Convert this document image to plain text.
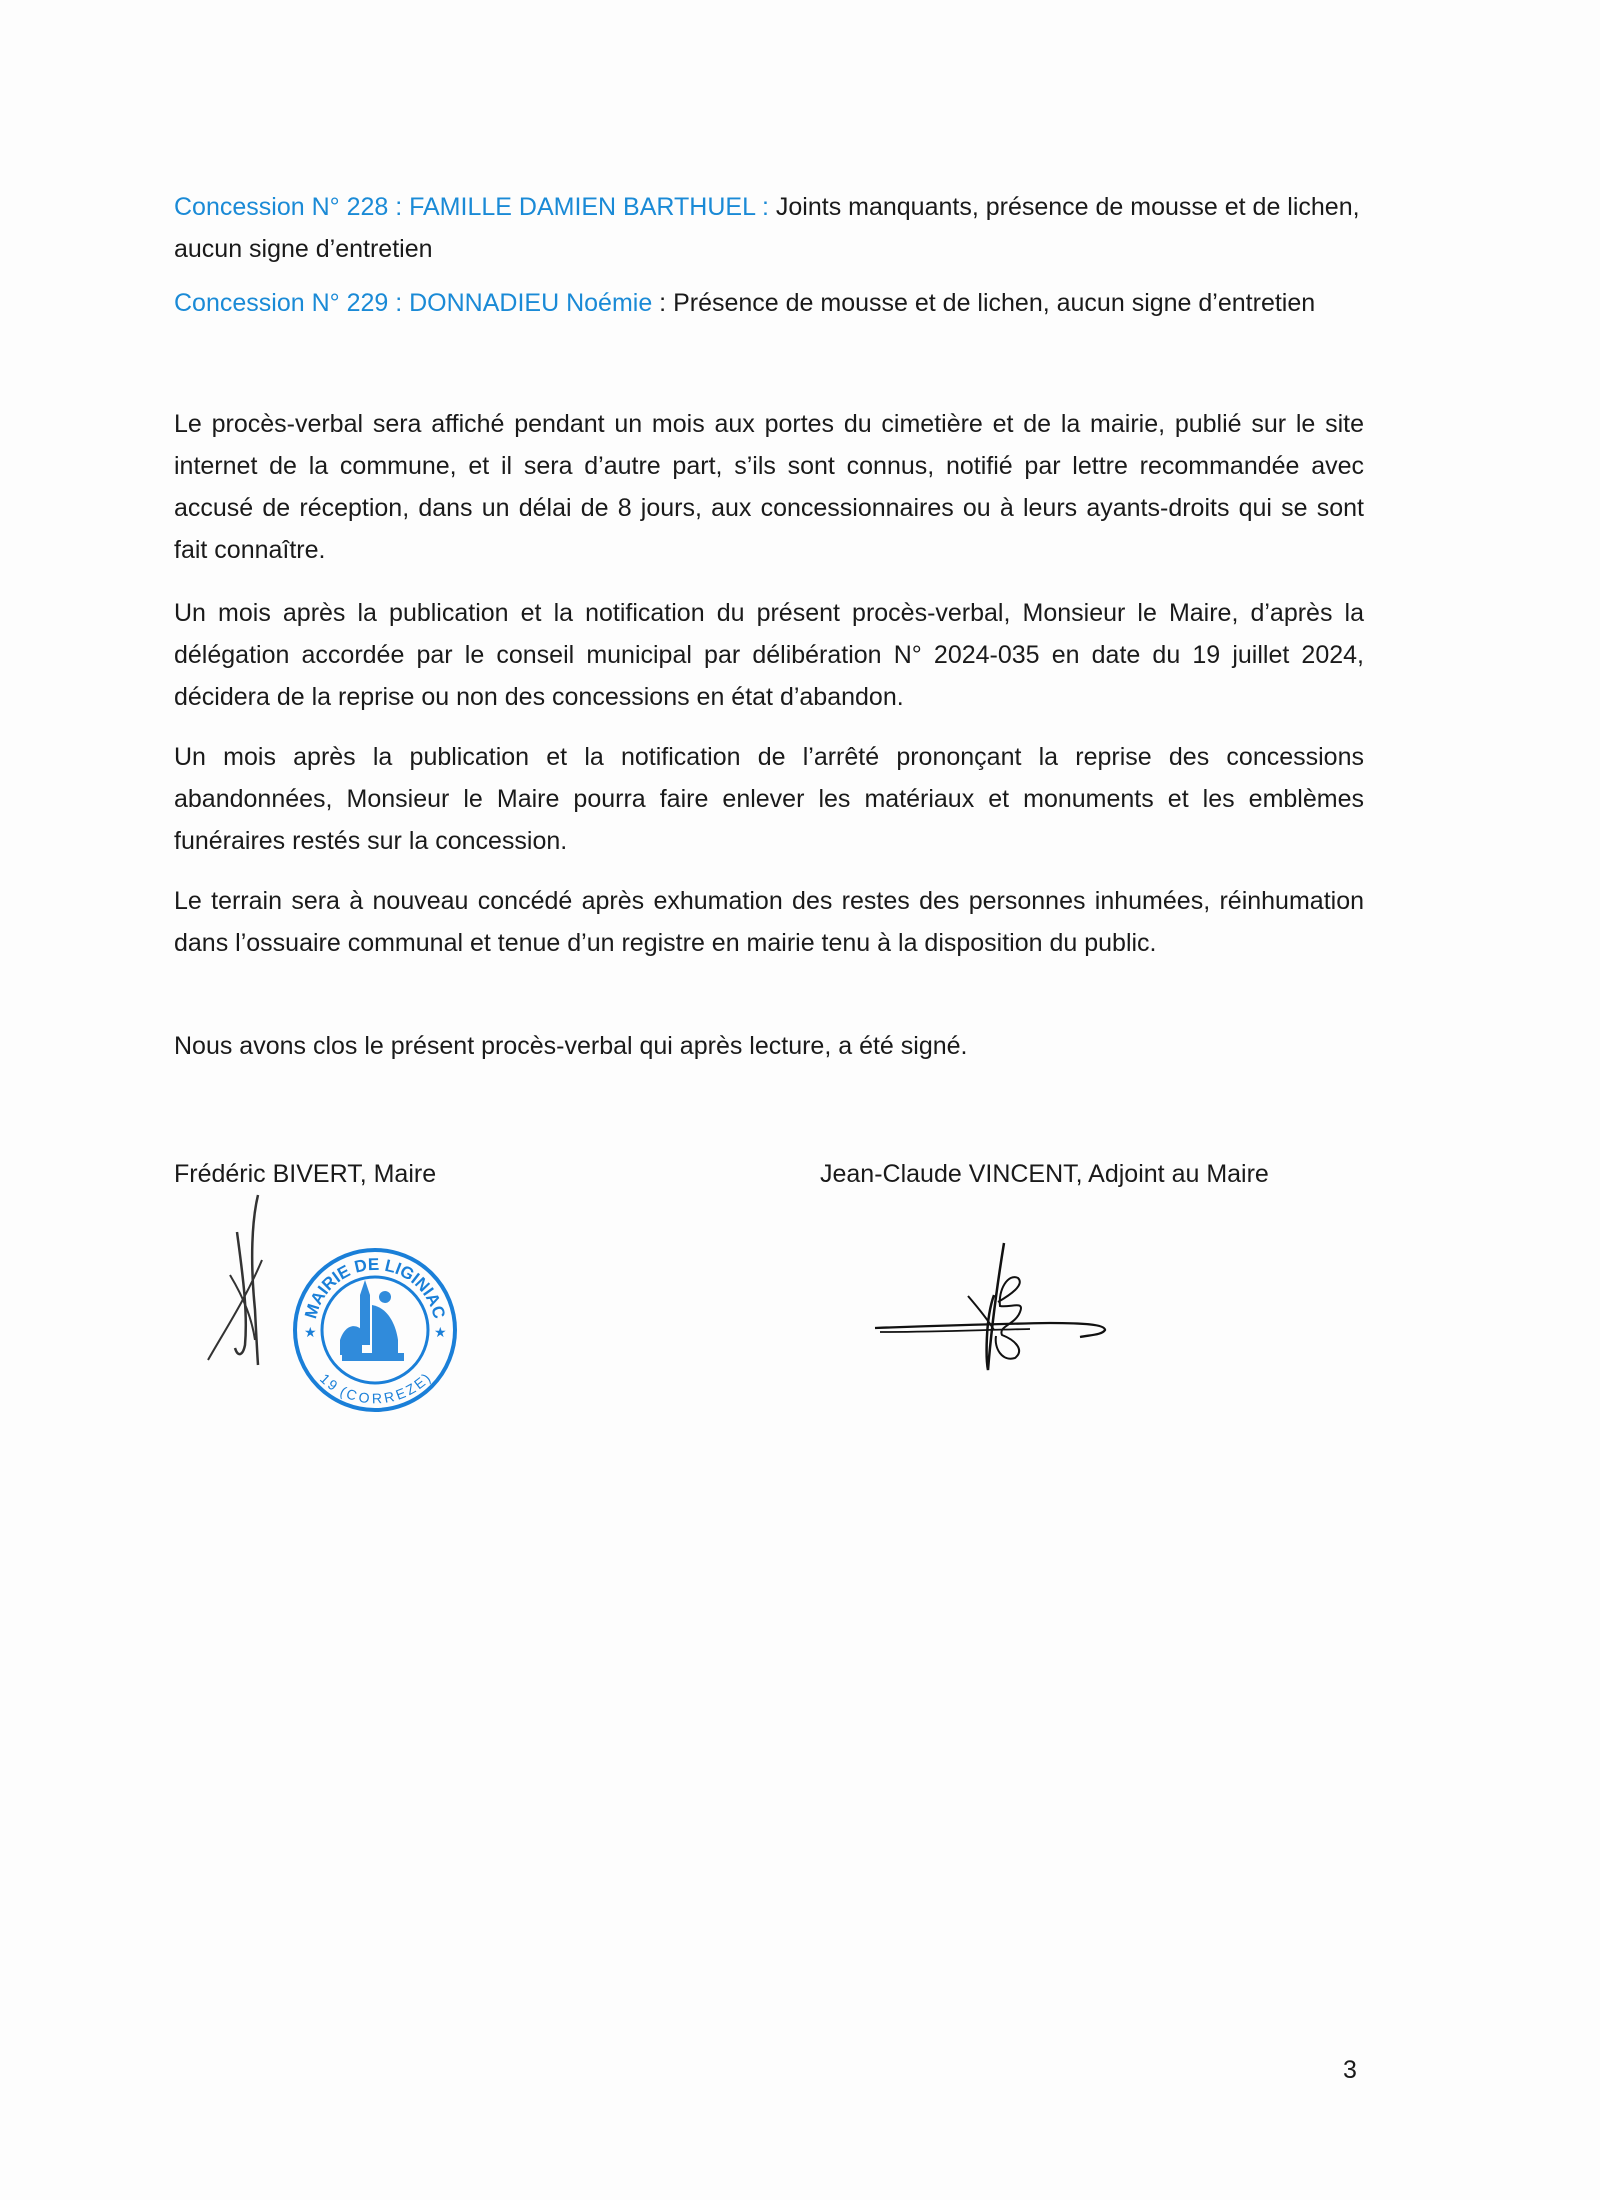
Concession N° 228 : FAMILLE DAMIEN BARTHUEL : Joints manquants, présence de mousse et de lichen, aucun signe d’entretien
Concession N° 229 : DONNADIEU Noémie : Présence de mousse et de lichen, aucun signe d’entretien

Le procès-verbal sera affiché pendant un mois aux portes du cimetière et de la mairie, publié sur le site internet de la commune, et il sera d’autre part, s’ils sont connus, notifié par lettre recommandée avec accusé de réception, dans un délai de 8 jours, aux concessionnaires ou à leurs ayants-droits qui se sont fait connaître.

Un mois après la publication et la notification du présent procès-verbal, Monsieur le Maire, d’après la délégation accordée par le conseil municipal par délibération N° 2024-035 en date du 19 juillet 2024, décidera de la reprise ou non des concessions en état d’abandon.

Un mois après la publication et la notification de l’arrêté prononçant la reprise des concessions abandonnées, Monsieur le Maire pourra faire enlever les matériaux et monuments et les emblèmes funéraires restés sur la concession.

Le terrain sera à nouveau concédé après exhumation des restes des personnes inhumées, réinhumation dans l’ossuaire communal et tenue d’un registre en mairie tenu à la disposition du public.

Nous avons clos le présent procès-verbal qui après lecture, a été signé.

Frédéric BIVERT, Maire	Jean-Claude VINCENT, Adjoint au Maire
MAIRIE DE LIGINIAC
19 (CORREZE)
★	★
3
